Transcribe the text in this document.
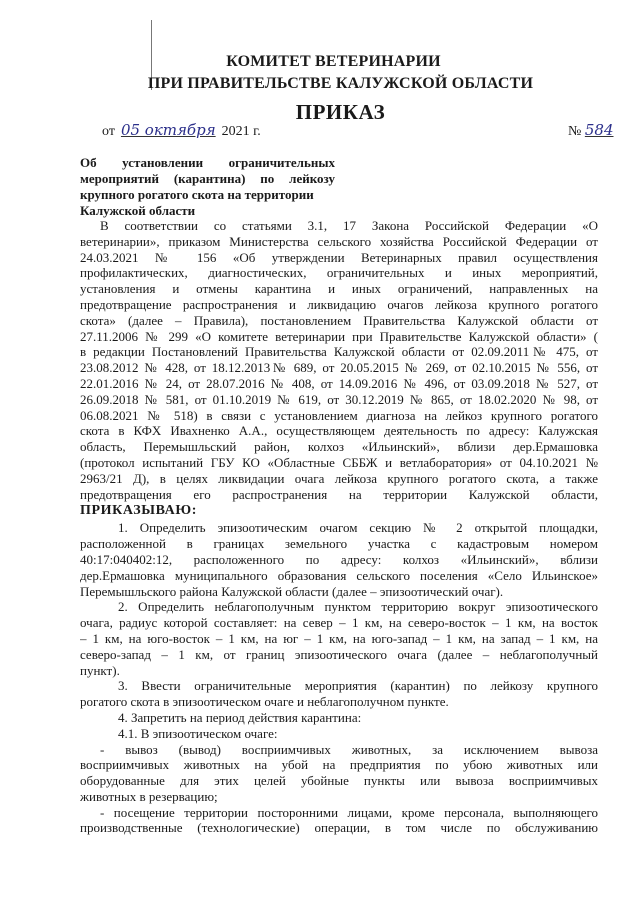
КОМИТЕТ ВЕТЕРИНАРИИ
ПРИ ПРАВИТЕЛЬСТВЕ КАЛУЖСКОЙ ОБЛАСТИ
ПРИКАЗ
от 05 октября 2021 г.	№ 584
Об установлении ограничительных
мероприятий (карантина) по лейкозу
крупного рогатого скота на территории
Калужской области
В соответствии со статьями 3.1, 17 Закона Российской Федерации «О
ветеринарии», приказом Министерства сельского хозяйства Российской Федерации от
24.03.2021 № 156 «Об утверждении Ветеринарных правил осуществления
профилактических, диагностических, ограничительных и иных мероприятий,
установления и отмены карантина и иных ограничений, направленных на
предотвращение распространения и ликвидацию очагов лейкоза крупного рогатого
скота» (далее – Правила), постановлением Правительства Калужской области от
27.11.2006 № 299 «О комитете ветеринарии при Правительстве Калужской области» (
в редакции Постановлений Правительства Калужской области от 02.09.2011№ 475, от
23.08.2012 № 428, от 18.12.2013№ 689, от 20.05.2015 № 269, от 02.10.2015 № 556, от
22.01.2016 № 24, от 28.07.2016 № 408, от 14.09.2016 № 496, от 03.09.2018 № 527, от
26.09.2018 № 581, от 01.10.2019 № 619, от 30.12.2019 № 865, от 18.02.2020 № 98, от
06.08.2021 № 518) в связи с установлением диагноза на лейкоз крупного рогатого
скота в КФХ Ивахненко А.А., осуществляющем деятельность по адресу: Калужская
область, Перемышльский район, колхоз «Ильинский», вблизи дер.Ермашовка
(протокол испытаний ГБУ КО «Областные СББЖ и ветлаборатория» от 04.10.2021 №
2963/21 Д), в целях ликвидации очага лейкоза крупного рогатого скота, а также
предотвращения его распространения на территории Калужской области,
ПРИКАЗЫВАЮ:
1. Определить эпизоотическим очагом секцию № 2 открытой площадки,
расположенной в границах земельного участка с кадастровым номером
40:17:040402:12, расположенного по адресу: колхоз «Ильинский», вблизи
дер.Ермашовка муниципального образования сельского поселения «Село Ильинское»
Перемышльского района Калужской области (далее – эпизоотический очаг).
2. Определить неблагополучным пунктом территорию вокруг эпизоотического
очага, радиус которой составляет: на север – 1 км, на северо-восток – 1 км, на восток
– 1 км, на юго-восток – 1 км, на юг – 1 км, на юго-запад – 1 км, на запад – 1 км, на
северо-запад – 1 км, от границ эпизоотического очага (далее – неблагополучный
пункт).
3. Ввести ограничительные мероприятия (карантин) по лейкозу крупного
рогатого скота в эпизоотическом очаге и неблагополучном пункте.
4. Запретить на период действия карантина:
4.1. В эпизоотическом очаге:
- вывоз (вывод) восприимчивых животных, за исключением вывоза
восприимчивых животных на убой на предприятия по убою животных или
оборудованные для этих целей убойные пункты или вывоза восприимчивых
животных в резервацию;
- посещение территории посторонними лицами, кроме персонала, выполняющего
производственные (технологические) операции, в том числе по обслуживанию
